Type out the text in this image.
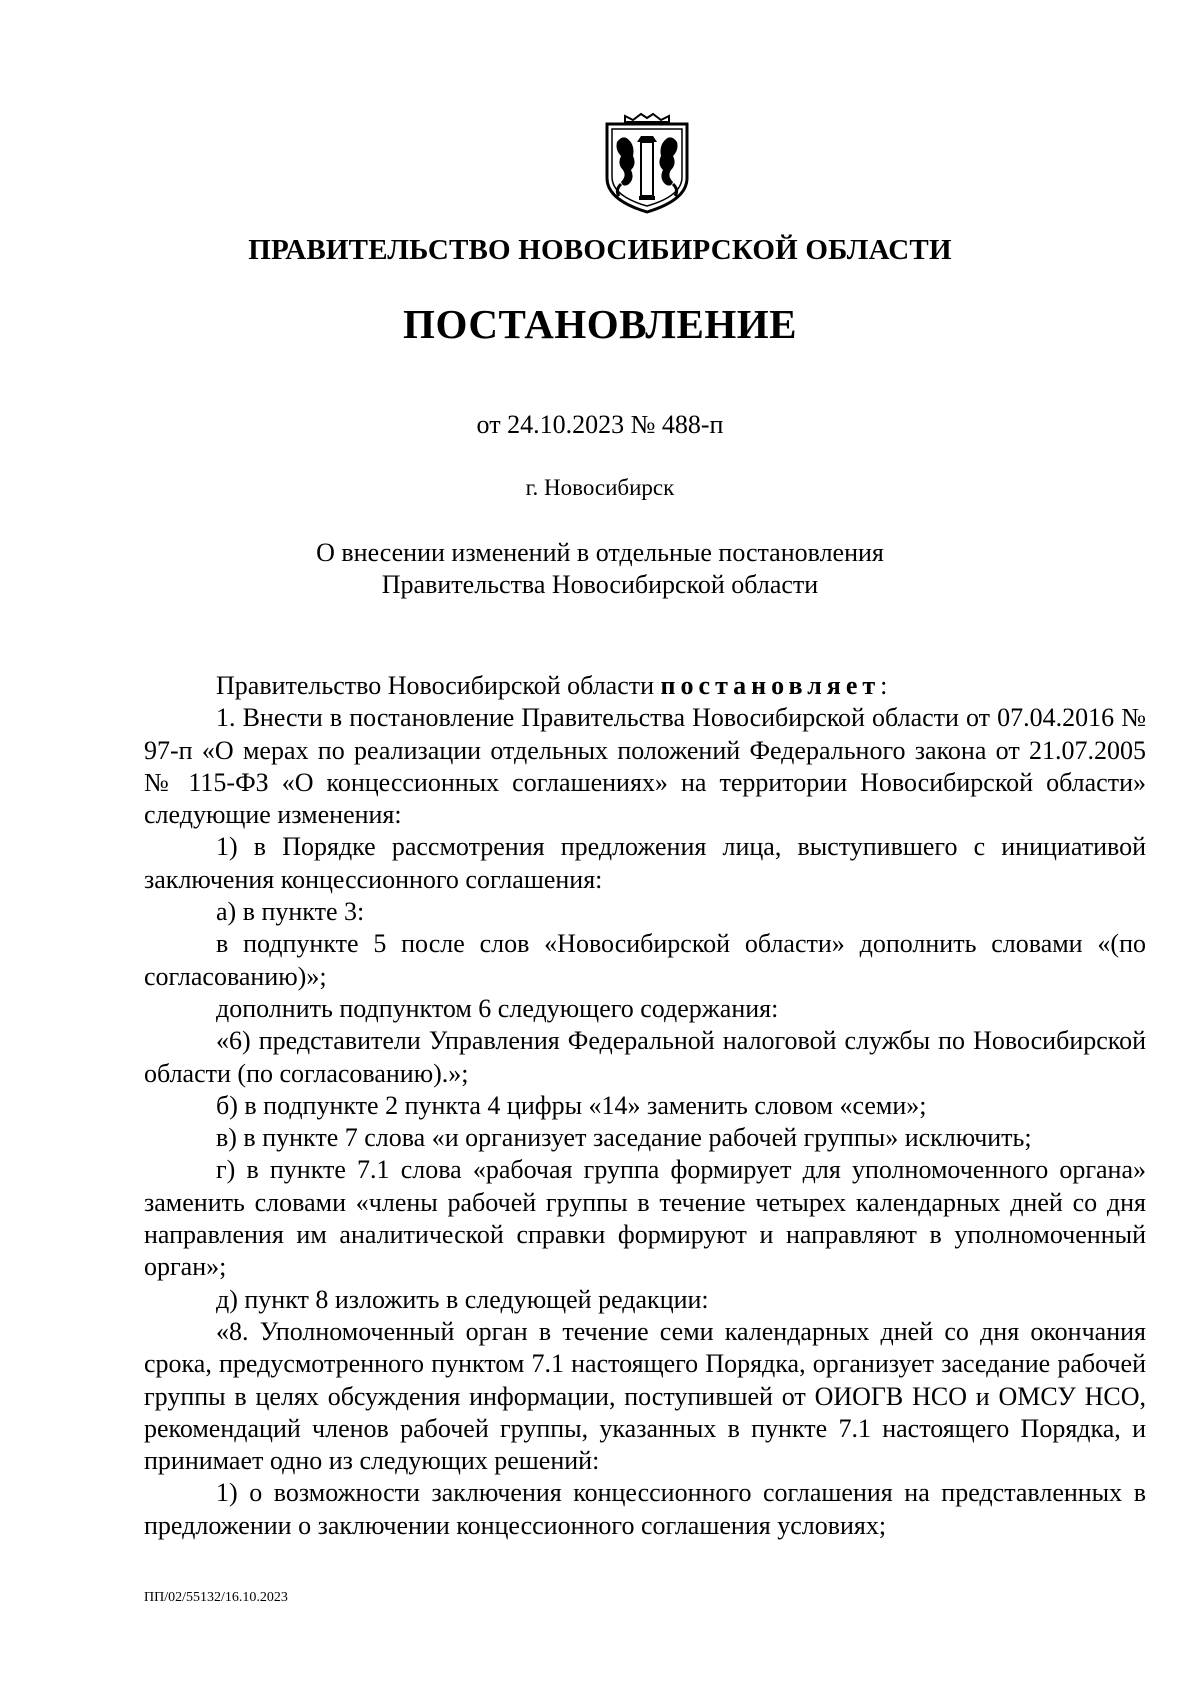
ПРАВИТЕЛЬСТВО НОВОСИБИРСКОЙ ОБЛАСТИ
ПОСТАНОВЛЕНИЕ
от 24.10.2023 № 488-п
г. Новосибирск
О внесении изменений в отдельные постановления
Правительства Новосибирской области

Правительство Новосибирской области постановляет:

1. Внести в постановление Правительства Новосибирской области от 07.04.2016 № 97-п «О мерах по реализации отдельных положений Федерального закона от 21.07.2005 № 115-ФЗ «О концессионных соглашениях» на территории Новосибирской области» следующие изменения:

1) в Порядке рассмотрения предложения лица, выступившего с инициативой заключения концессионного соглашения:

а) в пункте 3:

в подпункте 5 после слов «Новосибирской области» дополнить словами «(по согласованию)»;

дополнить подпунктом 6 следующего содержания:

«6) представители Управления Федеральной налоговой службы по Новосибирской области (по согласованию).»;

б) в подпункте 2 пункта 4 цифры «14» заменить словом «семи»;

в) в пункте 7 слова «и организует заседание рабочей группы» исключить;

г) в пункте 7.1 слова «рабочая группа формирует для уполномоченного органа» заменить словами «члены рабочей группы в течение четырех календарных дней со дня направления им аналитической справки формируют и направляют в уполномоченный орган»;

д) пункт 8 изложить в следующей редакции:

«8. Уполномоченный орган в течение семи календарных дней со дня окончания срока, предусмотренного пунктом 7.1 настоящего Порядка, организует заседание рабочей группы в целях обсуждения информации, поступившей от ОИОГВ НСО и ОМСУ НСО, рекомендаций членов рабочей группы, указанных в пункте 7.1 настоящего Порядка, и принимает одно из следующих решений:

1) о возможности заключения концессионного соглашения на представленных в предложении о заключении концессионного соглашения условиях;

ПП/02/55132/16.10.2023
